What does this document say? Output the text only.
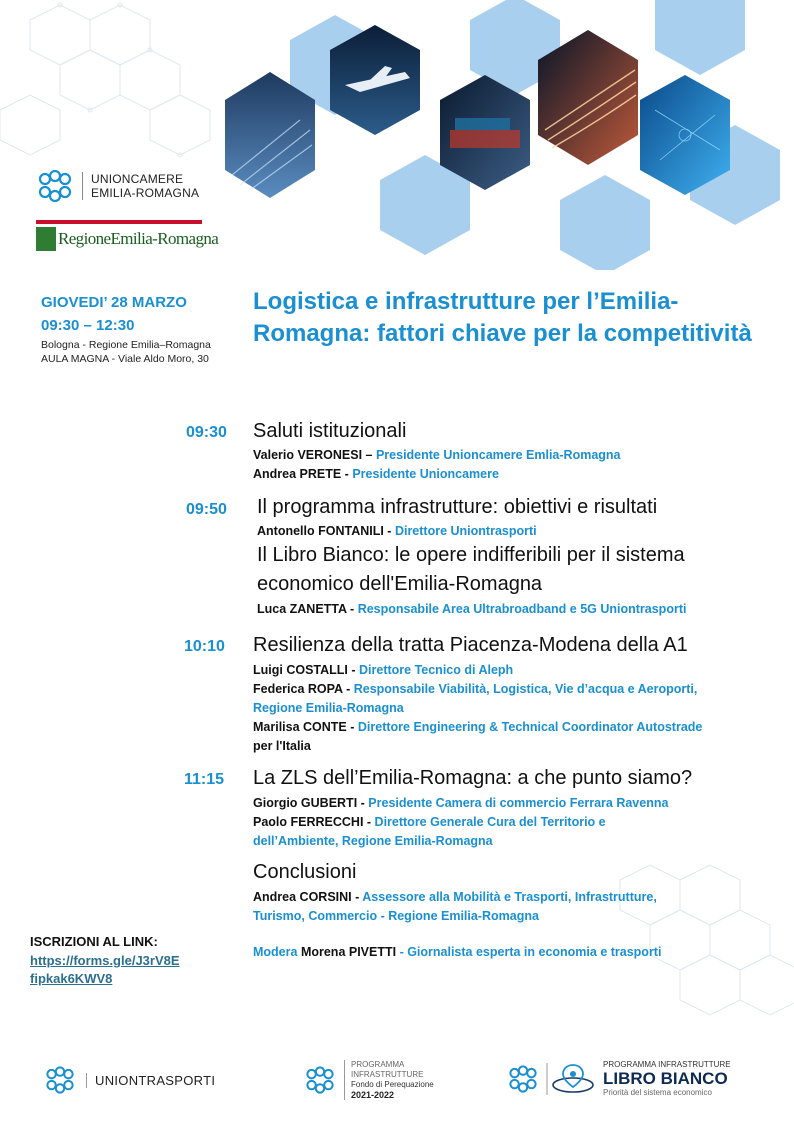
UNIONCAMERE
EMILIA-ROMAGNA
RegioneEmilia-Romagna
GIOVEDI’ 28 MARZO
09:30 – 12:30
Bologna - Regione Emilia–Romagna
AULA MAGNA - Viale Aldo Moro, 30
Logistica e infrastrutture per l’Emilia-Romagna: fattori chiave per la competitività
09:30 Saluti istituzionali
Valerio VERONESI – Presidente Unioncamere Emlia-Romagna
Andrea PRETE - Presidente Unioncamere
09:50 Il programma infrastrutture: obiettivi e risultati
Antonello FONTANILI - Direttore Uniontrasporti
Il Libro Bianco: le opere indifferibili per il sistema
economico dell'Emilia-Romagna
Luca ZANETTA - Responsabile Area Ultrabroadband e 5G Uniontrasporti
10:10 Resilienza della tratta Piacenza-Modena della A1
Luigi COSTALLI - Direttore Tecnico di Aleph
Federica ROPA - Responsabile Viabilità, Logistica, Vie d’acqua e Aeroporti,
Regione Emilia-Romagna
Marilisa CONTE - Direttore Engineering & Technical Coordinator Autostrade
per l'Italia
11:15 La ZLS dell’Emilia-Romagna: a che punto siamo?
Giorgio GUBERTI - Presidente Camera di commercio Ferrara Ravenna
Paolo FERRECCHI - Direttore Generale Cura del Territorio e
dell’Ambiente, Regione Emilia-Romagna
Conclusioni
Andrea CORSINI - Assessore alla Mobilità e Trasporti, Infrastrutture,
Turismo, Commercio - Regione Emilia-Romagna
Modera Morena PIVETTI - Giornalista esperta in economia e trasporti
ISCRIZIONI AL LINK:
https://forms.gle/J3rV8E
fipkak6KWV8
UNIONTRASPORTI
PROGRAMMA
INFRASTRUTTURE
Fondo di Perequazione
2021-2022
PROGRAMMA INFRASTRUTTURE
LIBRO BIANCO
Priorità del sistema economico
